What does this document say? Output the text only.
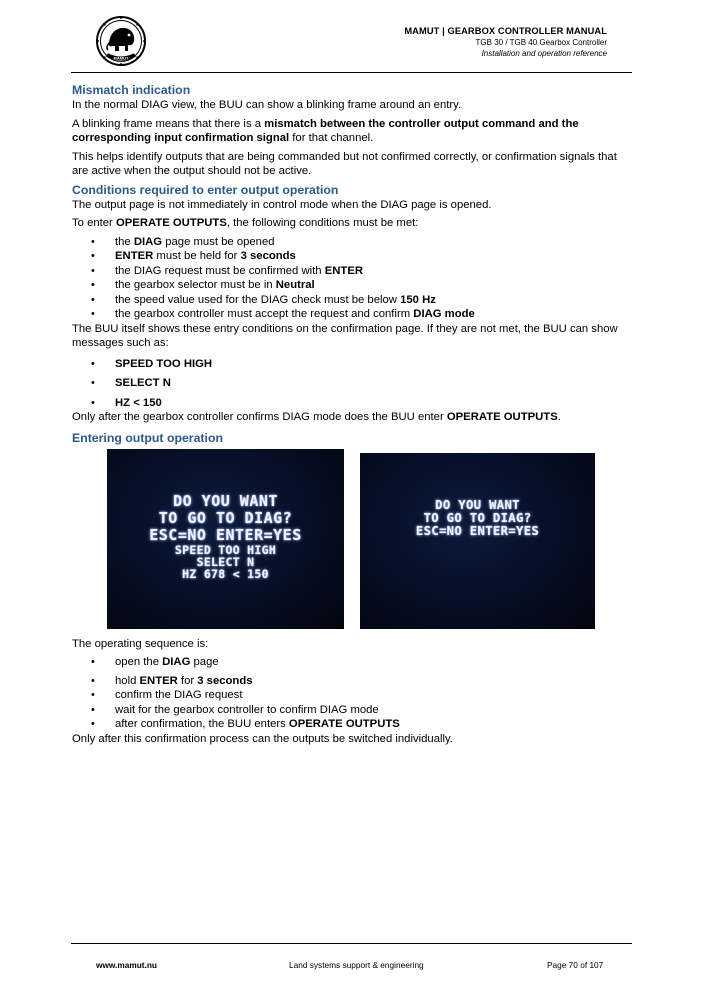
MAMUT
MAMUT | GEARBOX CONTROLLER MANUAL
TGB 30 / TGB 40 Gearbox Controller
Installation and operation reference
Mismatch indication

In the normal DIAG view, the BUU can show a blinking frame around an entry.

A blinking frame means that there is a mismatch between the controller output command and the corresponding input confirmation signal for that channel.

This helps identify outputs that are being commanded but not confirmed correctly, or confirmation signals that are active when the output should not be active.

Conditions required to enter output operation

The output page is not immediately in control mode when the DIAG page is opened.

To enter OPERATE OUTPUTS, the following conditions must be met:

• the DIAG page must be opened
• ENTER must be held for 3 seconds
• the DIAG request must be confirmed with ENTER
• the gearbox selector must be in Neutral
• the speed value used for the DIAG check must be below 150 Hz
• the gearbox controller must accept the request and confirm DIAG mode

The BUU itself shows these entry conditions on the confirmation page. If they are not met, the BUU can show messages such as:

• SPEED TOO HIGH
• SELECT N
• HZ < 150

Only after the gearbox controller confirms DIAG mode does the BUU enter OPERATE OUTPUTS.

Entering output operation
DO YOU WANT
TO GO TO DIAG?
ESC=NO ENTER=YES
SPEED TOO HIGH
SELECT N
HZ 678 < 150
DO YOU WANT
TO GO TO DIAG?
ESC=NO ENTER=YES

The operating sequence is:

• open the DIAG page
• hold ENTER for 3 seconds
• confirm the DIAG request
• wait for the gearbox controller to confirm DIAG mode
• after confirmation, the BUU enters OPERATE OUTPUTS

Only after this confirmation process can the outputs be switched individually.

www.mamut.nu	Land systems support & engineering	Page 70 of 107
